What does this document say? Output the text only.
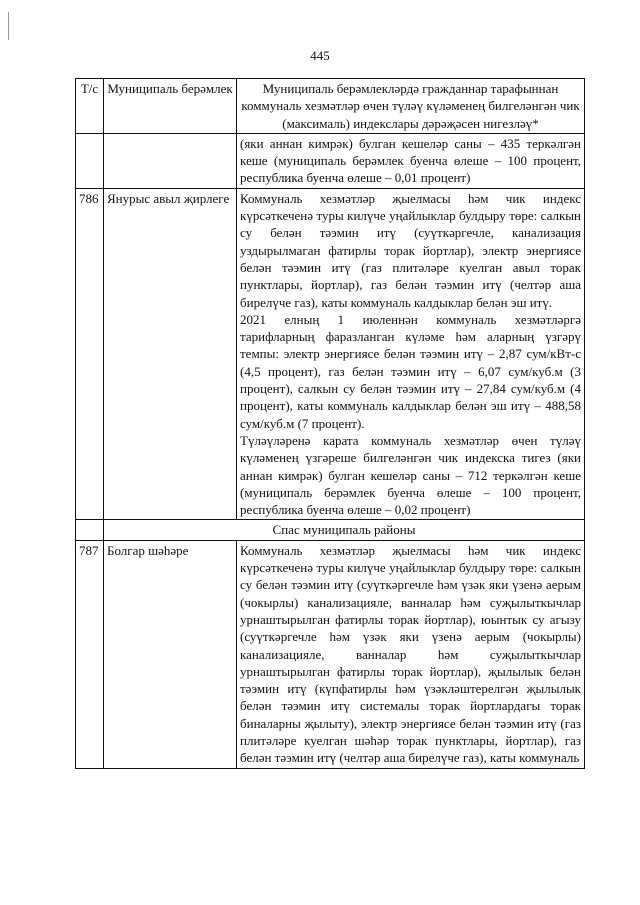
445
Т/с	Муниципаль берәмлек	Муниципаль берәмлекләрдә гражданнар тарафыннан коммуналь хезмәтләр өчен түләү күләменең билгеләнгән чик (максималь) индекслары дәрәҗәсен нигезләү*

		(яки аннан кимрәк) булган кешеләр саны – 435 теркәлгән кеше (муниципаль берәмлек буенча өлеше – 100 процент, республика буенча өлеше – 0,01 процент)

786	Янурыс авыл җирлеге	Коммуналь хезмәтләр җыелмасы һәм чик индекс күрсәткеченә туры килүче уңайлыклар булдыру төре: салкын су белән тәэмин итү (суүткәргечле, канализация уздырылмаган фатирлы торак йортлар), электр энергиясе белән тәэмин итү (газ плитәләре куелган авыл торак пунктлары, йортлар), газ белән тәэмин итү (челтәр аша бирелүче газ), каты коммуналь калдыклар белән эш итү.

2021 елның 1 июленнән коммуналь хезмәтләргә тарифларның фаразланган күләме һәм аларның үзгәрү темпы: электр энергиясе белән тәэмин итү – 2,87 сум/кВт-с (4,5 процент), газ белән тәэмин итү – 6,07 сум/куб.м (3 процент), салкын су белән тәэмин итү – 27,84 сум/куб.м (4 процент), каты коммуналь калдыклар белән эш итү – 488,58 сум/куб.м (7 процент).

Түләүләренә карата коммуналь хезмәтләр өчен түләү күләменең үзгәреше билгеләнгән чик индекска тигез (яки аннан кимрәк) булган кешеләр саны – 712 теркәлгән кеше (муниципаль берәмлек буенча өлеше – 100 процент, республика буенча өлеше – 0,02 процент)

	Спас муниципаль районы	
787	Болгар шәһәре	Коммуналь хезмәтләр җыелмасы һәм чик индекс күрсәткеченә туры килүче уңайлыклар булдыру төре: салкын су белән тәэмин итү (суүткәргечле һәм үзәк яки үзенә аерым (чокырлы) канализацияле, ванналар һәм суҗылыткычлар урнаштырылган фатирлы торак йортлар), юынтык су агызу (суүткәргечле һәм үзәк яки үзенә аерым (чокырлы) канализацияле, ванналар һәм суҗылыткычлар урнаштырылган фатирлы торак йортлар), җылылык белән тәэмин итү (күпфатирлы һәм үзәкләштерелгән җылылык белән тәэмин итү системалы торак йортлардагы торак биналарны җылыту), электр энергиясе белән тәэмин итү (газ плитәләре куелган шәһәр торак пунктлары, йортлар), газ белән тәэмин итү (челтәр аша бирелүче газ), каты коммуналь
